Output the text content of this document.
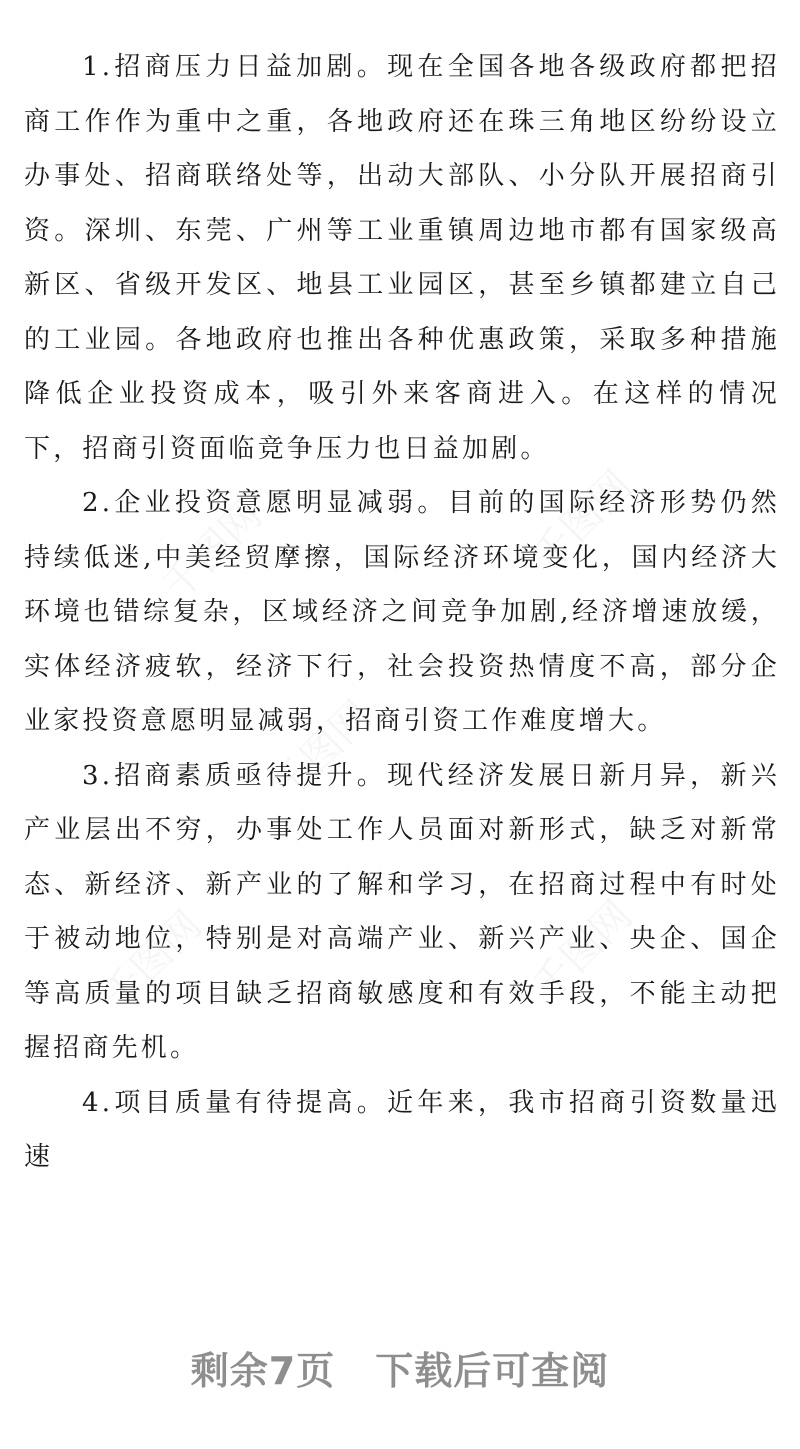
千图网
千图网
千图网
千图网
千图网

1.招商压力日益加剧。现在全国各地各级政府都把招商工作作为重中之重，各地政府还在珠三角地区纷纷设立办事处、招商联络处等，出动大部队、小分队开展招商引资。深圳、东莞、广州等工业重镇周边地市都有国家级高新区、省级开发区、地县工业园区，甚至乡镇都建立自己的工业园。各地政府也推出各种优惠政策，采取多种措施降低企业投资成本，吸引外来客商进入。在这样的情况下，招商引资面临竞争压力也日益加剧。

2.企业投资意愿明显减弱。目前的国际经济形势仍然持续低迷,中美经贸摩擦，国际经济环境变化，国内经济大环境也错综复杂，区域经济之间竞争加剧,经济增速放缓，实体经济疲软，经济下行，社会投资热情度不高，部分企业家投资意愿明显减弱，招商引资工作难度增大。

3.招商素质亟待提升。现代经济发展日新月异，新兴产业层出不穷，办事处工作人员面对新形式，缺乏对新常态、新经济、新产业的了解和学习，在招商过程中有时处于被动地位，特别是对高端产业、新兴产业、央企、国企等高质量的项目缺乏招商敏感度和有效手段，不能主动把握招商先机。

4.项目质量有待提高。近年来，我市招商引资数量迅速

剩余7页 下载后可查阅
